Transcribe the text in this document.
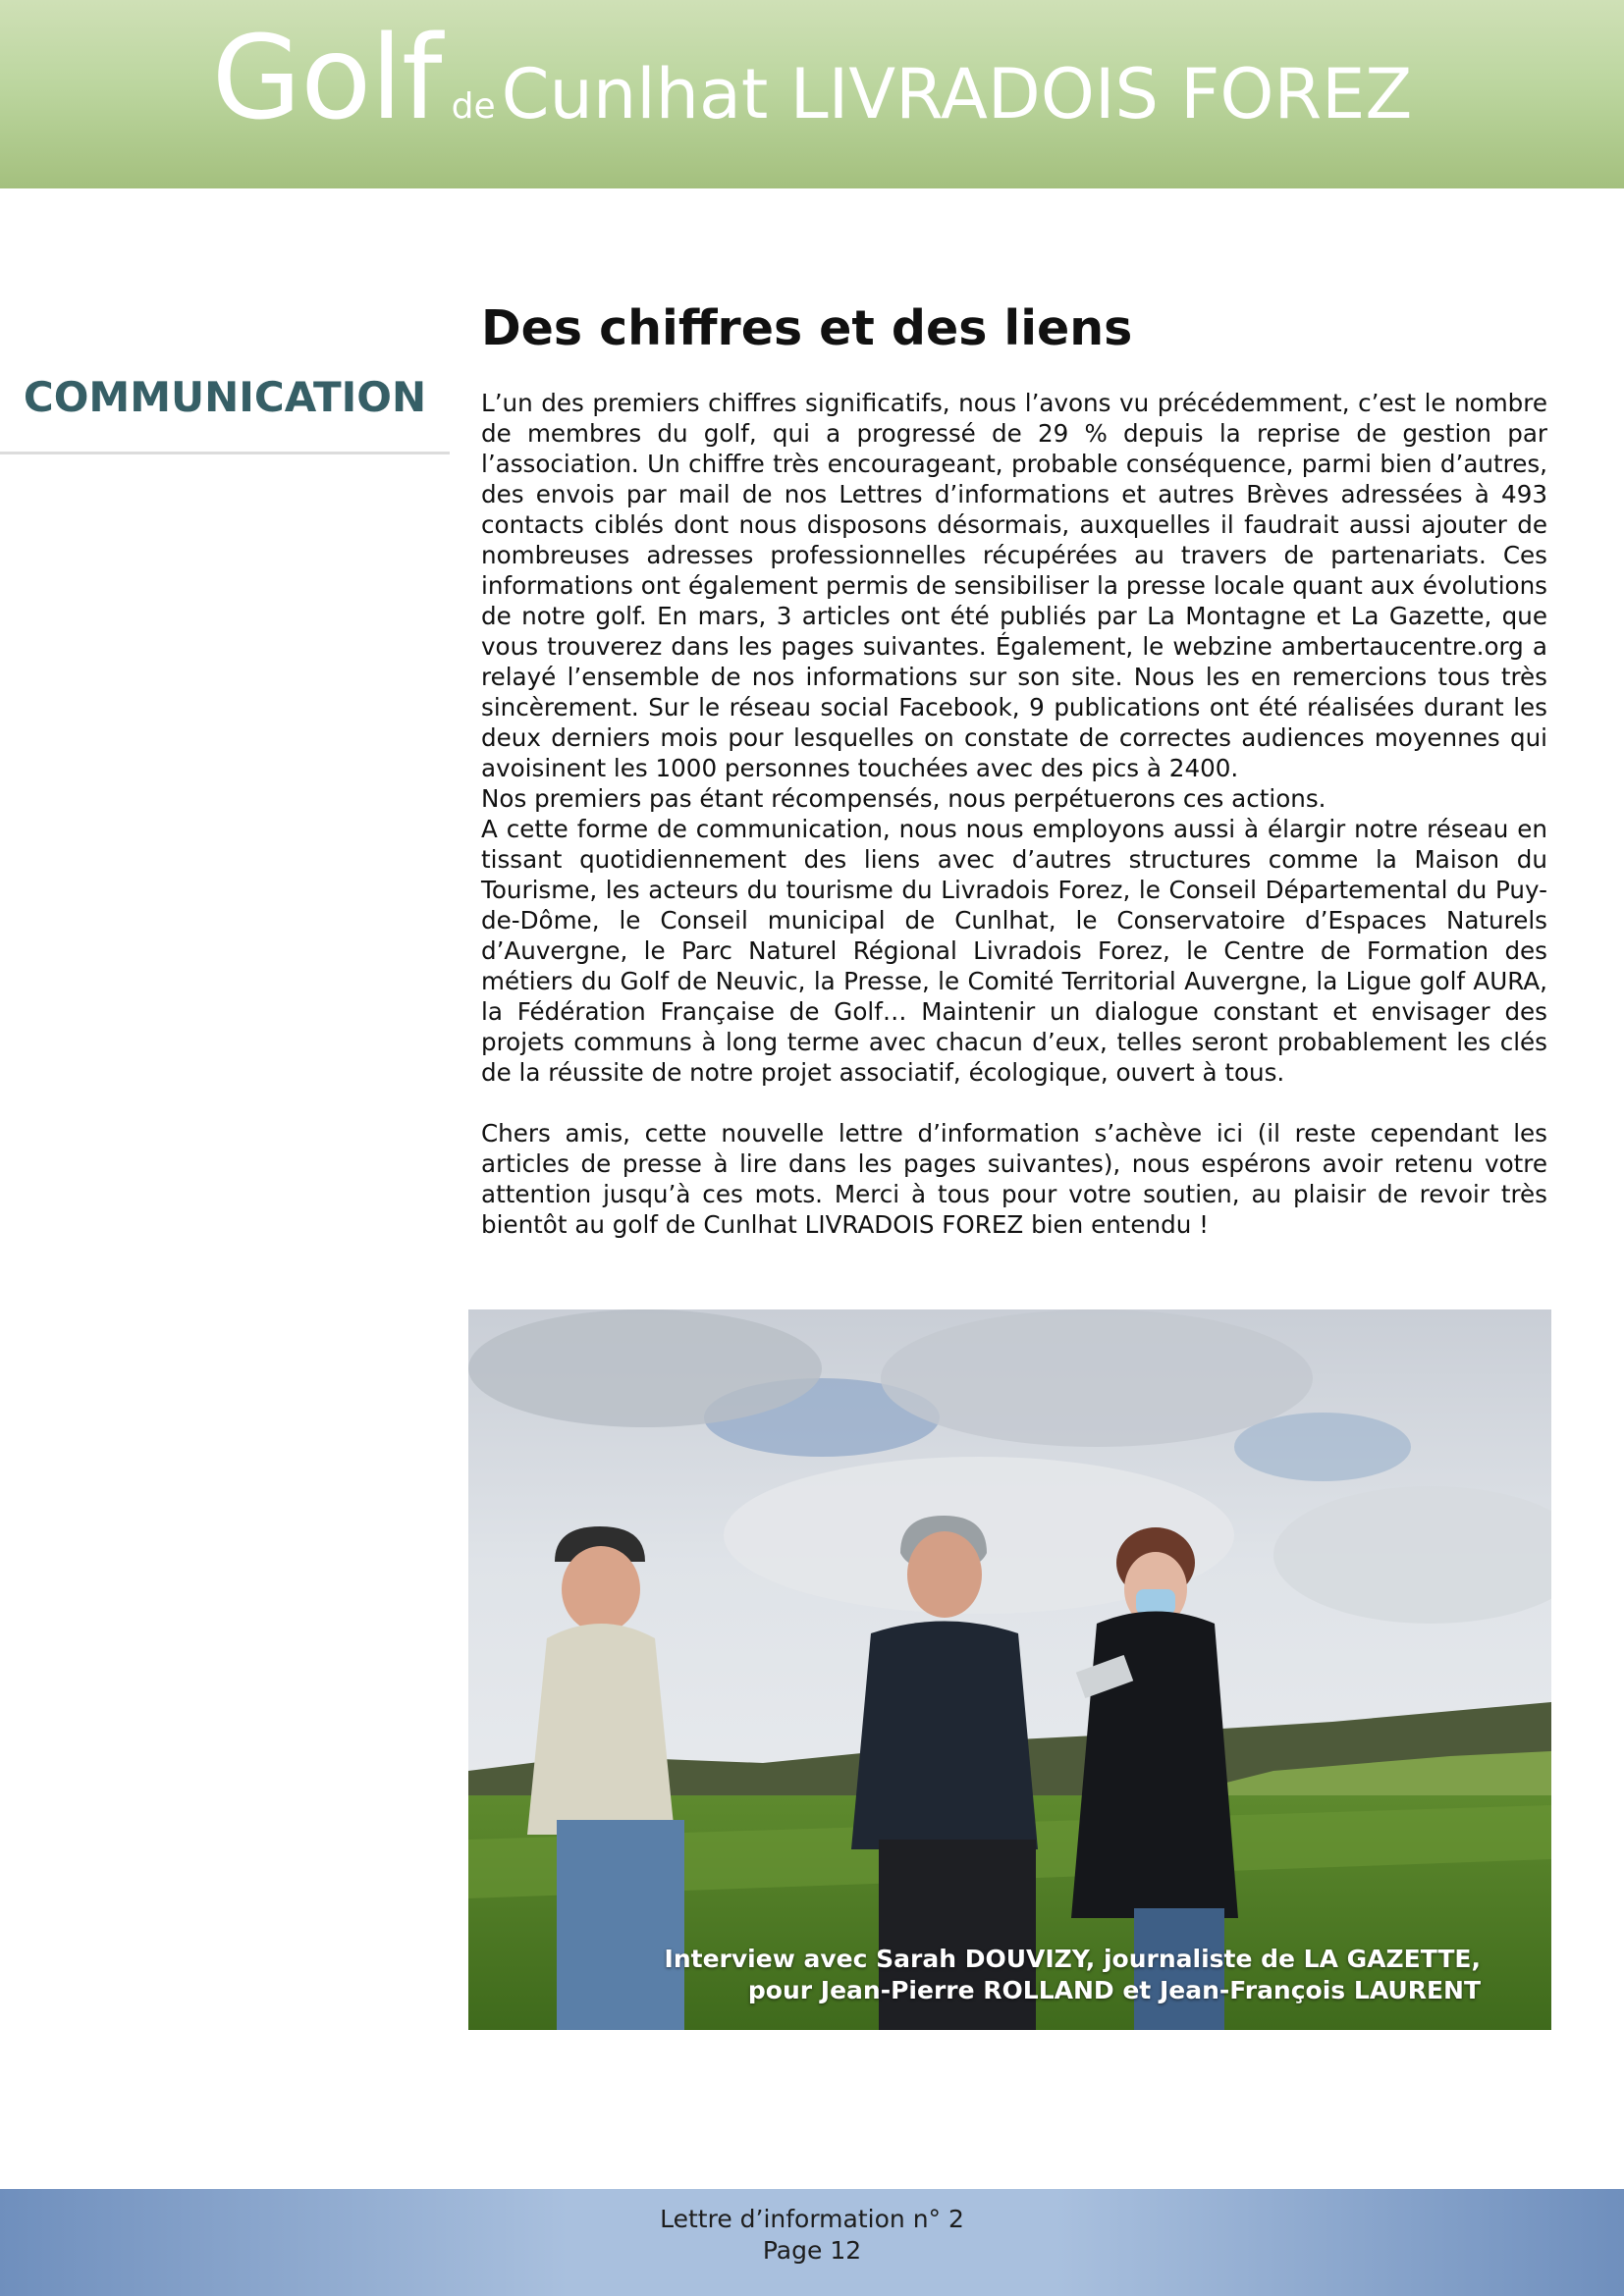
Golf deCunlhat LIVRADOIS FOREZ
COMMUNICATION
Des chiffres et des liens

L’un des premiers chiffres significatifs, nous l’avons vu précédemment, c’est le nombre de membres du golf, qui a progressé de 29 % depuis la reprise de gestion par l’association. Un chiffre très encourageant, probable conséquence, parmi bien d’autres, des envois par mail de nos Lettres d’informations et autres Brèves adressées à 493 contacts ciblés dont nous disposons désormais, auxquelles il faudrait aussi ajouter de nombreuses adresses professionnelles récupérées au travers de partenariats. Ces informations ont également permis de sensibiliser la presse locale quant aux évolutions de notre golf. En mars, 3 articles ont été publiés par La Montagne et La Gazette, que vous trouverez dans les pages suivantes. Également, le webzine ambertaucentre.org a relayé l’ensemble de nos informations sur son site. Nous les en remercions tous très sincèrement. Sur le réseau social Facebook, 9 publications ont été réalisées durant les deux derniers mois pour lesquelles on constate de correctes audiences moyennes qui avoisinent les 1000 personnes touchées avec des pics à 2400.

Nos premiers pas étant récompensés, nous perpétuerons ces actions.

A cette forme de communication, nous nous employons aussi à élargir notre réseau en tissant quotidiennement des liens avec d’autres structures comme la Maison du Tourisme, les acteurs du tourisme du Livradois Forez, le Conseil Départemental du Puy-de-Dôme, le Conseil municipal de Cunlhat, le Conservatoire d’Espaces Naturels d’Auvergne, le Parc Naturel Régional Livradois Forez, le Centre de Formation des métiers du Golf de Neuvic, la Presse, le Comité Territorial Auvergne, la Ligue golf AURA, la Fédération Française de Golf… Maintenir un dialogue constant et envisager des projets communs à long terme avec chacun d’eux, telles seront probablement les clés de la réussite de notre projet associatif, écologique, ouvert à tous.

Chers amis, cette nouvelle lettre d’information s’achève ici (il reste cependant les articles de presse à lire dans les pages suivantes), nous espérons avoir retenu votre attention jusqu’à ces mots. Merci à tous pour votre soutien, au plaisir de revoir très bientôt au golf de Cunlhat LIVRADOIS FOREZ bien entendu !

Interview avec Sarah DOUVIZY, journaliste de LA GAZETTE,
pour Jean-Pierre ROLLAND et Jean-François LAURENT
Lettre d’information n° 2
Page 12
